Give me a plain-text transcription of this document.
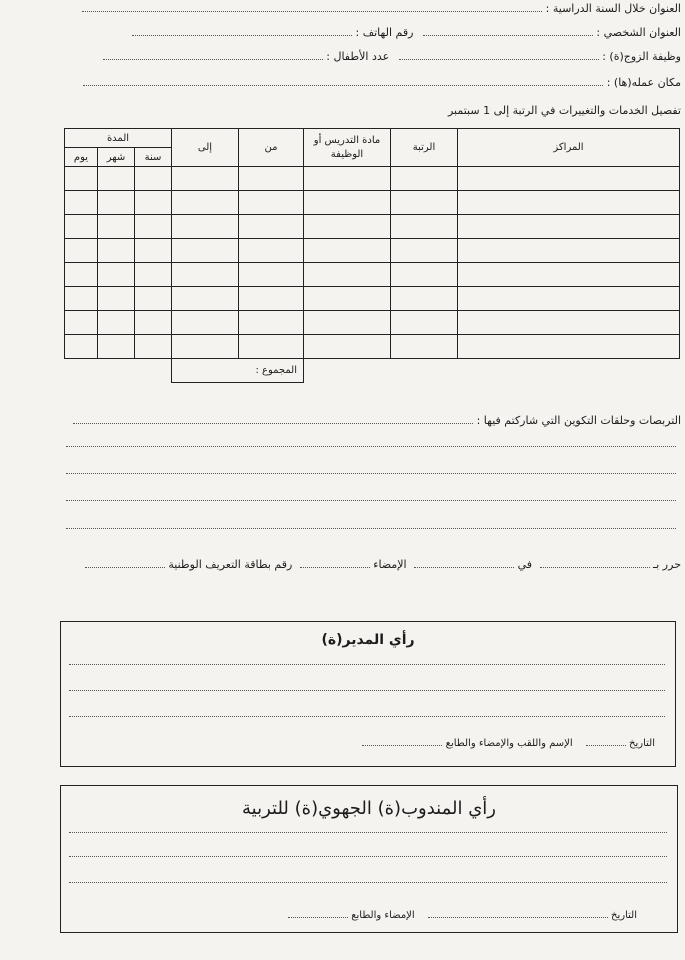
العنوان خلال السنة الدراسية :
العنوان الشخصي :  رقم الهاتف :
وظيفة الزوج(ة) :  عدد الأطفال :
مكان عمله(ها) :
تفصيل الخدمات والتغييرات في الرتبة إلى 1 سبتمبر
المراكز	الرتبة	مادة التدريس أو الوظيفة	من	إلى	المدة		
					سنة	شهر	يوم

			المجموع :				
التربصات وحلقات التكوين التي شاركتم فيها :
حرر بـ  في  الإمضاء  رقم بطاقة التعريف الوطنية
رأي المدير(ة)
التاريخ  الإسم واللقب والإمضاء والطابع
رأي المندوب(ة) الجهوي(ة) للتربية
التاريخ  الإمضاء والطابع
